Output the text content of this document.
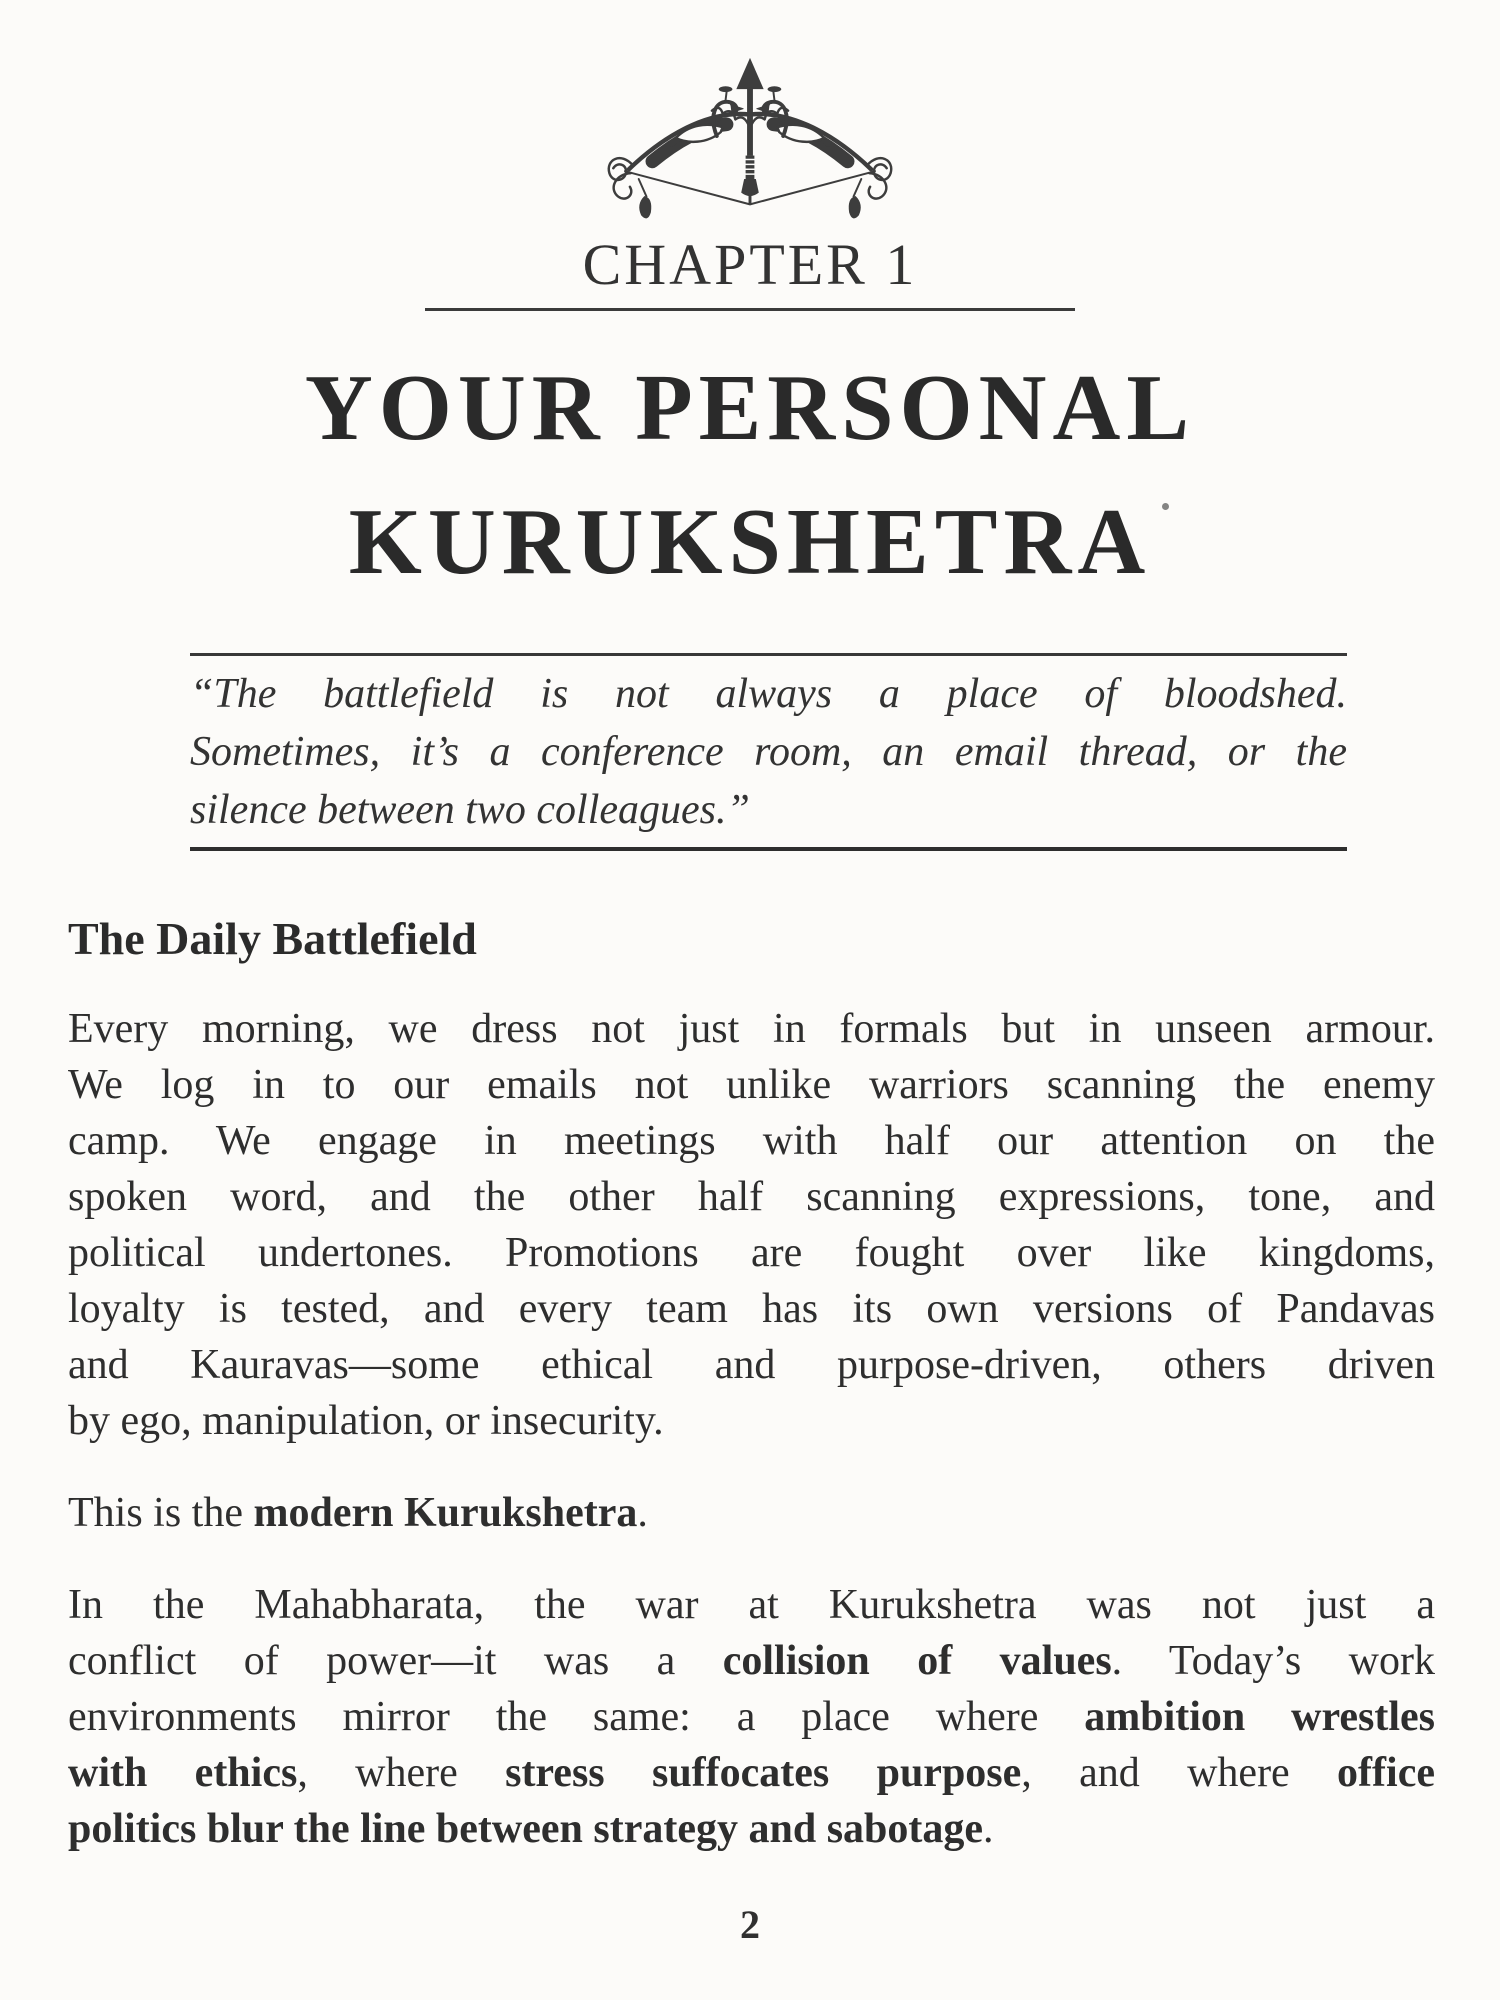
CHAPTER 1
YOUR PERSONAL
KURUKSHETRA
“The battlefield is not always a place of bloodshed.
Sometimes, it’s a conference room, an email thread, or the
silence between two colleagues.”
The Daily Battlefield
Every morning, we dress not just in formals but in unseen armour.
We log in to our emails not unlike warriors scanning the enemy
camp. We engage in meetings with half our attention on the
spoken word, and the other half scanning expressions, tone, and
political undertones. Promotions are fought over like kingdoms,
loyalty is tested, and every team has its own versions of Pandavas
and Kauravas—some ethical and purpose-driven, others driven
by ego, manipulation, or insecurity.
This is the modern Kurukshetra.
In the Mahabharata, the war at Kurukshetra was not just a
conflict of power—it was a collision of values. Today’s work
environments mirror the same: a place where ambition wrestles
with ethics, where stress suffocates purpose, and where office
politics blur the line between strategy and sabotage.
2
